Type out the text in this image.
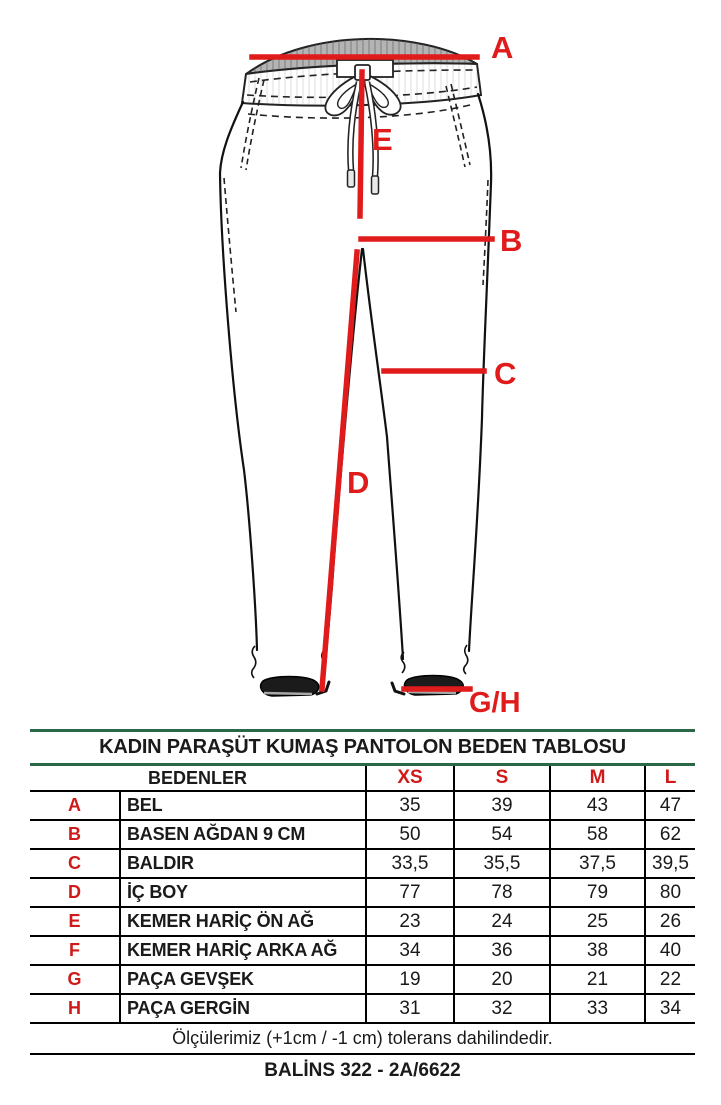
A
E
B
C
D
G/H
KADIN PARAŞÜT KUMAŞ PANTOLON BEDEN TABLOSU
BEDENLER	XS	S	M	L
A	BEL	35	39	43	47
B	BASEN AĞDAN 9 CM	50	54	58	62
C	BALDIR	33,5	35,5	37,5	39,5
D	İÇ BOY	77	78	79	80
E	KEMER HARİÇ ÖN AĞ	23	24	25	26
F	KEMER HARİÇ ARKA AĞ	34	36	38	40
G	PAÇA GEVŞEK	19	20	21	22
H	PAÇA GERGİN	31	32	33	34
Ölçülerimiz (+1cm / -1 cm) tolerans dahilindedir.
BALİNS 322 - 2A/6622
